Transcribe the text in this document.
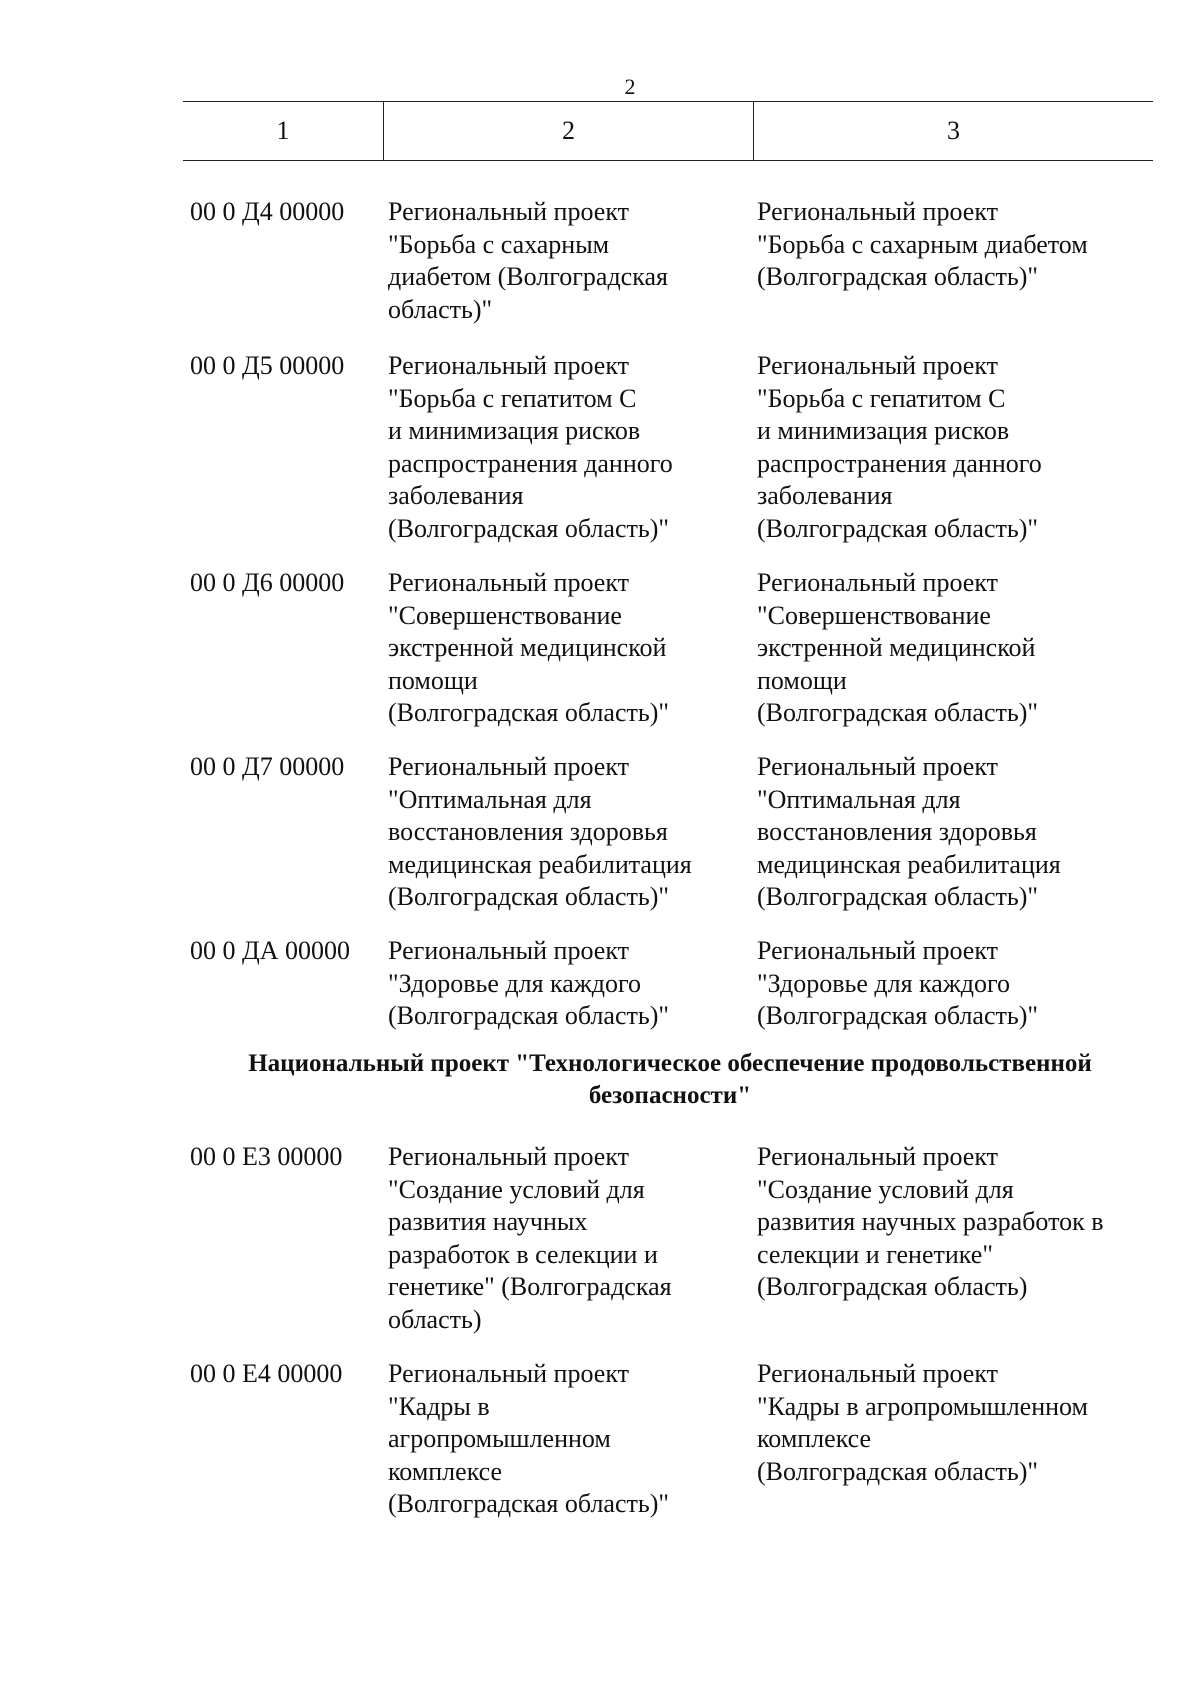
2
1	2	3
00 0 Д4 00000 Региональный проект
"Борьба с сахарным
диабетом (Волгоградская
область)"
Региональный проект
"Борьба с сахарным диабетом
(Волгоградская область)"
00 0 Д5 00000 Региональный проект
"Борьба с гепатитом С
и минимизация рисков
распространения данного
заболевания
(Волгоградская область)"
Региональный проект
"Борьба с гепатитом С
и минимизация рисков
распространения данного
заболевания
(Волгоградская область)"
00 0 Д6 00000 Региональный проект
"Совершенствование
экстренной медицинской
помощи
(Волгоградская область)"
Региональный проект
"Совершенствование
экстренной медицинской
помощи
(Волгоградская область)"
00 0 Д7 00000 Региональный проект
"Оптимальная для
восстановления здоровья
медицинская реабилитация
(Волгоградская область)"
Региональный проект
"Оптимальная для
восстановления здоровья
медицинская реабилитация
(Волгоградская область)"
00 0 ДА 00000 Региональный проект
"Здоровье для каждого
(Волгоградская область)"
Региональный проект
"Здоровье для каждого
(Волгоградская область)"
Национальный проект "Технологическое обеспечение продовольственной
безопасности"
00 0 Е3 00000 Региональный проект
"Создание условий для
развития научных
разработок в селекции и
генетике" (Волгоградская
область)
Региональный проект
"Создание условий для
развития научных разработок в
селекции и генетике"
(Волгоградская область)
00 0 Е4 00000 Региональный проект
"Кадры в
агропромышленном
комплексе
(Волгоградская область)"
Региональный проект
"Кадры в агропромышленном
комплексе
(Волгоградская область)"
